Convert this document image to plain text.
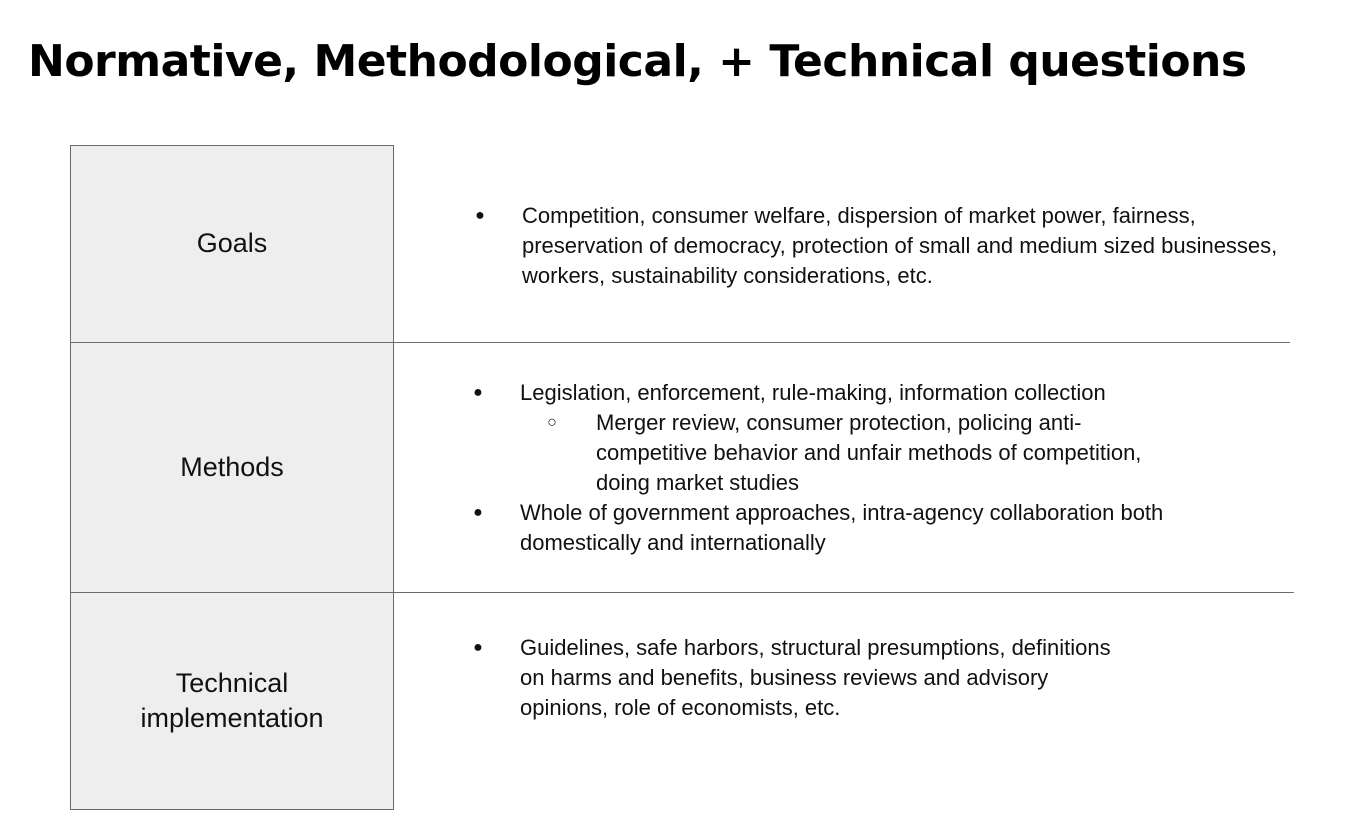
Normative, Methodological, + Technical questions
Goals
Methods
Technical
implementation
● Competition, consumer welfare, dispersion of market power, fairness, preservation of democracy, protection of small and medium sized businesses, workers, sustainability considerations, etc.
● Legislation, enforcement, rule-making, information collection
○ Merger review, consumer protection, policing anti-competitive behavior and unfair methods of competition, doing market studies
● Whole of government approaches, intra-agency collaboration both domestically and internationally
● Guidelines, safe harbors, structural presumptions, definitions on harms and benefits, business reviews and advisory opinions, role of economists, etc.
